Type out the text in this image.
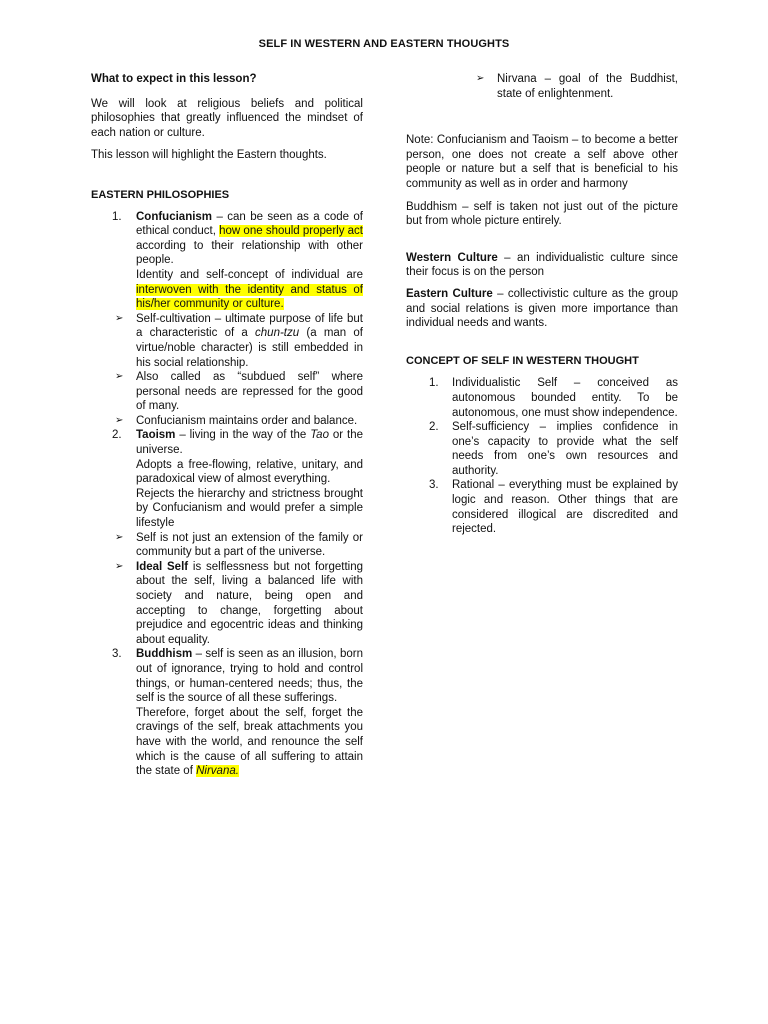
SELF IN WESTERN AND EASTERN THOUGHTS

What to expect in this lesson?

We will look at religious beliefs and political philosophies that greatly influenced the mindset of each nation or culture.

This lesson will highlight the Eastern thoughts.

EASTERN PHILOSOPHIES

1. Confucianism – can be seen as a code of ethical conduct, how one should properly act according to their relationship with other people.

Identity and self-concept of individual are interwoven with the identity and status of his/her community or culture.

➢ Self-cultivation – ultimate purpose of life but a characteristic of a chun-tzu (a man of virtue/noble character) is still embedded in his social relationship.

➢ Also called as “subdued self” where personal needs are repressed for the good of many.

➢ Confucianism maintains order and balance.

2. Taoism – living in the way of the Tao or the universe.

Adopts a free-flowing, relative, unitary, and paradoxical view of almost everything.

Rejects the hierarchy and strictness brought by Confucianism and would prefer a simple lifestyle

➢ Self is not just an extension of the family or community but a part of the universe.

➢ Ideal Self is selflessness but not forgetting about the self, living a balanced life with society and nature, being open and accepting to change, forgetting about prejudice and egocentric ideas and thinking about equality.

3. Buddhism – self is seen as an illusion, born out of ignorance, trying to hold and control things, or human-centered needs; thus, the self is the source of all these sufferings.

Therefore, forget about the self, forget the cravings of the self, break attachments you have with the world, and renounce the self which is the cause of all suffering to attain the state of Nirvana.

➢ Nirvana – goal of the Buddhist, state of enlightenment.

Note: Confucianism and Taoism – to become a better person, one does not create a self above other people or nature but a self that is beneficial to his community as well as in order and harmony

Buddhism – self is taken not just out of the picture but from whole picture entirely.

Western Culture – an individualistic culture since their focus is on the person

Eastern Culture – collectivistic culture as the group and social relations is given more importance than individual needs and wants.

CONCEPT OF SELF IN WESTERN THOUGHT

1. Individualistic Self – conceived as autonomous bounded entity. To be autonomous, one must show independence.

2. Self-sufficiency – implies confidence in one’s capacity to provide what the self needs from one’s own resources and authority.

3. Rational – everything must be explained by logic and reason. Other things that are considered illogical are discredited and rejected.
